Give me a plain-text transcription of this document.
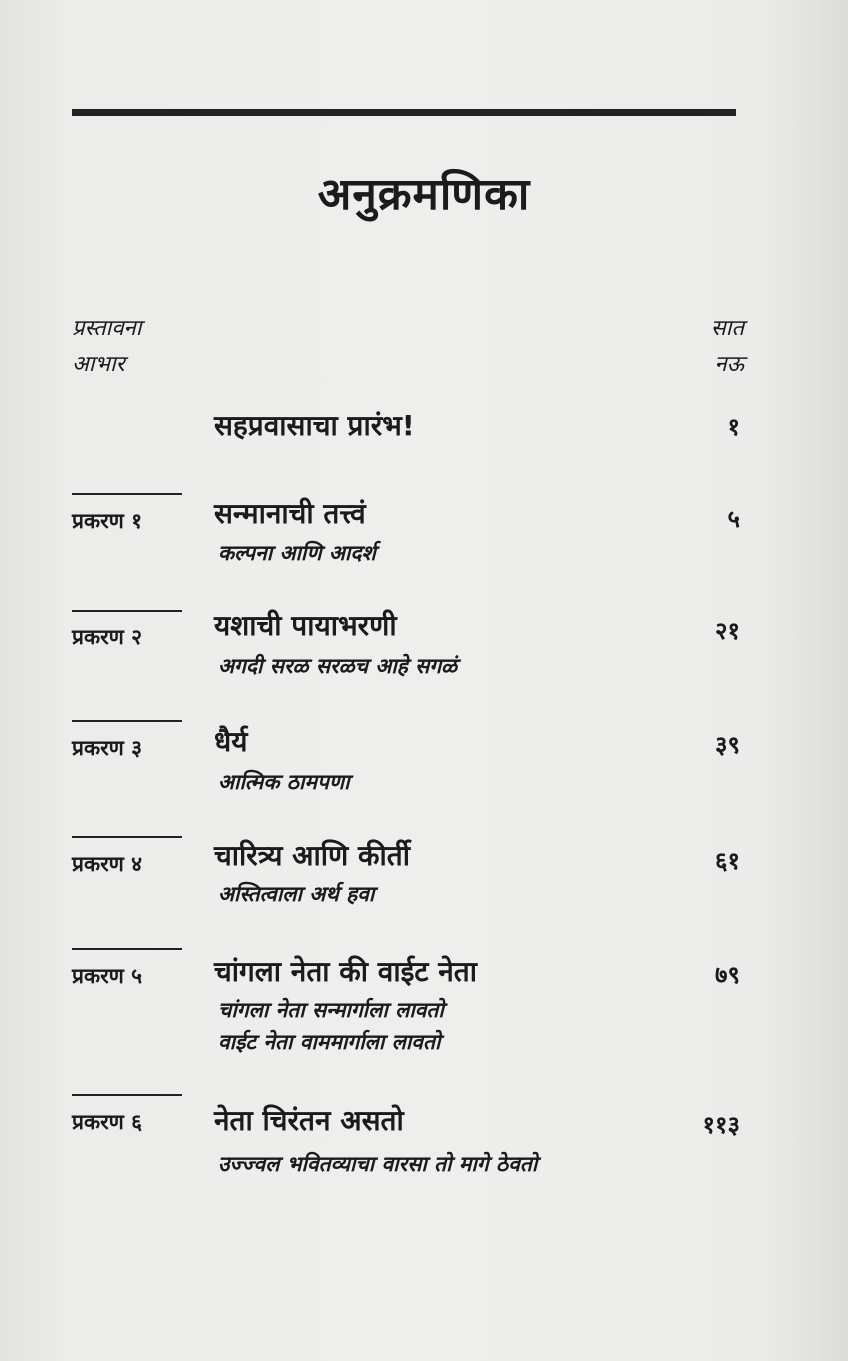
अनुक्रमणिका
प्रस्तावना	सात
आभार	नऊ
सहप्रवासाचा प्रारंभ!	१
प्रकरण १	सन्मानाची तत्त्वं	५
कल्पना आणि आदर्श
प्रकरण २	यशाची पायाभरणी	२१
अगदी सरळ सरळच आहे सगळं
प्रकरण ३	धैर्य	३९
आत्मिक ठामपणा
प्रकरण ४	चारित्र्य आणि कीर्ती	६१
अस्तित्वाला अर्थ हवा
प्रकरण ५	चांगला नेता की वाईट नेता	७९
चांगला नेता सन्मार्गाला लावतो
वाईट नेता वाममार्गाला लावतो
प्रकरण ६	नेता चिरंतन असतो	११३
उज्ज्वल भवितव्याचा वारसा तो मागे ठेवतो
